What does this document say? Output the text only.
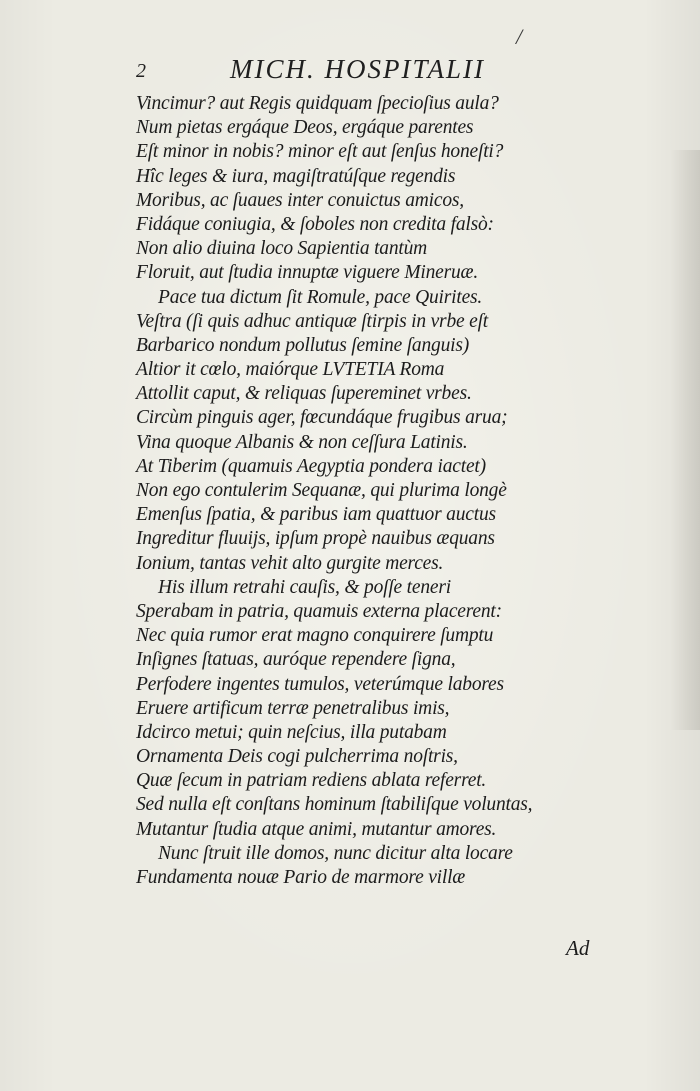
/
2	MICH. HOSPITALII
Vincimur? aut Regis quidquam ſpecioſius aula?
Num pietas ergáque Deos, ergáque parentes
Eſt minor in nobis? minor eſt aut ſenſus honeſti?
Hîc leges & iura, magiſtratúſque regendis
Moribus, ac ſuaues inter conuictus amicos,
Fidáque coniugia, & ſoboles non credita falsò:
Non alio diuina loco Sapientia tantùm
Floruit, aut ſtudia innuptæ viguere Mineruæ.
Pace tua dictum ſit Romule, pace Quirites.
Veſtra (ſi quis adhuc antiquæ ſtirpis in vrbe eſt
Barbarico nondum pollutus ſemine ſanguis)
Altior it cœlo, maiórque LVTETIA Roma
Attollit caput, & reliquas ſupereminet vrbes.
Circùm pinguis ager, fœcundáque frugibus arua;
Vina quoque Albanis & non ceſſura Latinis.
At Tiberim (quamuis Aegyptia pondera iactet)
Non ego contulerim Sequanæ, qui plurima longè
Emenſus ſpatia, & paribus iam quattuor auctus
Ingreditur fluuijs, ipſum propè nauibus æquans
Ionium, tantas vehit alto gurgite merces.
His illum retrahi cauſis, & poſſe teneri
Sperabam in patria, quamuis externa placerent:
Nec quia rumor erat magno conquirere ſumptu
Inſignes ſtatuas, auróque rependere ſigna,
Perfodere ingentes tumulos, veterúmque labores
Eruere artificum terræ penetralibus imis,
Idcirco metui; quin neſcius, illa putabam
Ornamenta Deis cogi pulcherrima noſtris,
Quæ ſecum in patriam rediens ablata referret.
Sed nulla eſt conſtans hominum ſtabiliſque voluntas,
Mutantur ſtudia atque animi, mutantur amores.
Nunc ſtruit ille domos, nunc dicitur alta locare
Fundamenta nouæ Pario de marmore villæ
Ad
